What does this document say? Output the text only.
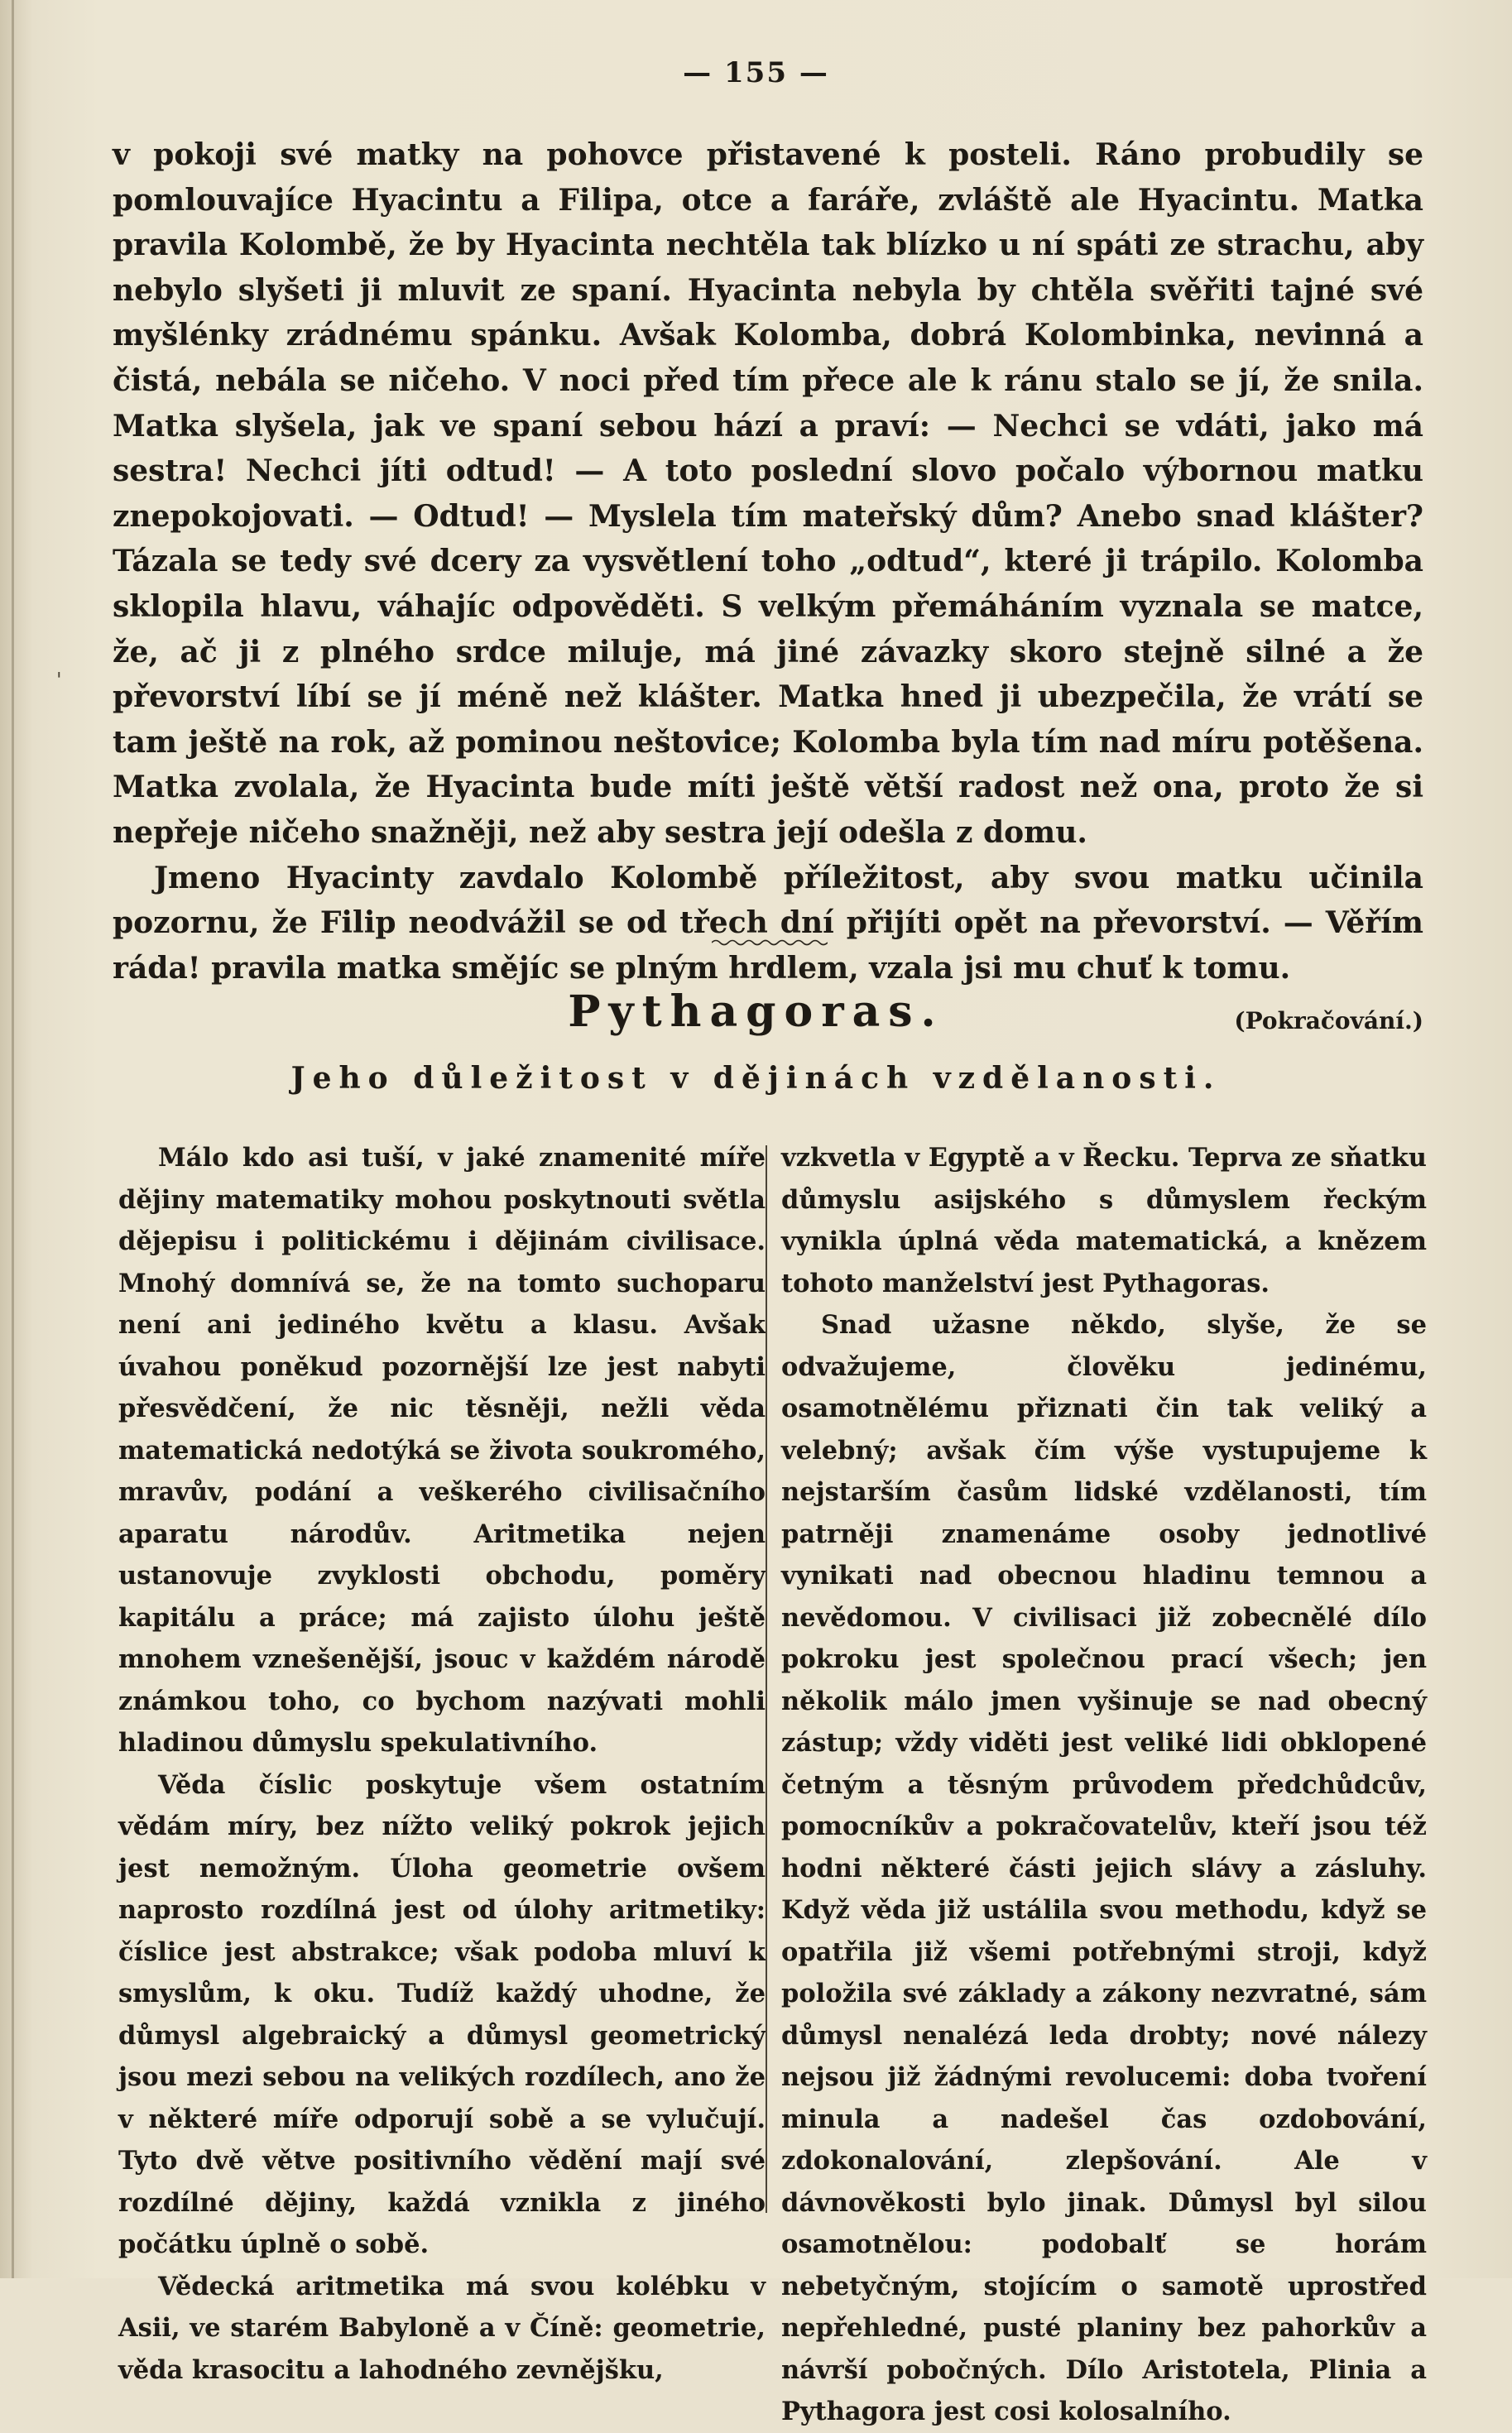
'
— 155 —

v pokoji své matky na pohovce přistavené k posteli. Ráno probudily se pomlouvajíce Hyacintu a Filipa, otce a faráře, zvláště ale Hyacintu. Matka pravila Kolombě, že by Hyacinta nechtěla tak blízko u ní spáti ze strachu, aby nebylo slyšeti ji mluvit ze spaní. Hyacinta nebyla by chtěla svěřiti tajné své myšlénky zrádnému spánku. Avšak Kolomba, dobrá Kolombinka, nevinná a čistá, nebála se ničeho. V noci před tím přece ale k ránu stalo se jí, že snila. Matka slyšela, jak ve spaní sebou hází a praví: — Nechci se vdáti, jako má sestra! Nechci jíti odtud! — A toto poslední slovo počalo výbornou matku znepokojovati. — Odtud! — Myslela tím mateřský dům? Anebo snad klášter? Tázala se tedy své dcery za vysvětlení toho „odtud“, které ji trápilo. Kolomba sklopila hlavu, váhajíc odpověděti. S velkým přemáháním vyznala se matce, že, ač ji z plného srdce miluje, má jiné závazky skoro stejně silné a že převorství líbí se jí méně než klášter. Matka hned ji ubezpečila, že vrátí se tam ještě na rok, až pominou neštovice; Kolomba byla tím nad míru potěšena. Matka zvolala, že Hyacinta bude míti ještě větší radost než ona, proto že si nepřeje ničeho snažněji, než aby sestra její odešla z domu.

Jmeno Hyacinty zavdalo Kolombě příležitost, aby svou matku učinila pozornu, že Filip neodvážil se od třech dní přijíti opět na převorství. — Věřím ráda! pravila matka smějíc se plným hrdlem, vzala jsi mu chuť k tomu.
(Pokračování.)

Pythagoras.
Jeho důležitost v dějinách vzdělanosti.

Málo kdo asi tuší, v jaké znamenité míře dějiny matematiky mohou poskytnouti světla dějepisu i politickému i dějinám civilisace. Mnohý domnívá se, že na tomto suchoparu není ani jediného květu a klasu. Avšak úvahou poněkud pozornější lze jest nabyti přesvědčení, že nic těsněji, nežli věda matematická nedotýká se života soukromého, mravův, podání a veškerého civilisačního aparatu národův. Aritmetika nejen ustanovuje zvyklosti obchodu, poměry kapitálu a práce; má zajisto úlohu ještě mnohem vznešenější, jsouc v každém národě známkou toho, co bychom nazývati mohli hladinou důmyslu spekulativního.

Věda číslic poskytuje všem ostatním vědám míry, bez nížto veliký pokrok jejich jest nemožným. Úloha geometrie ovšem naprosto rozdílná jest od úlohy aritmetiky: číslice jest abstrakce; však podoba mluví k smyslům, k oku. Tudíž každý uhodne, že důmysl algebraický a důmysl geometrický jsou mezi sebou na velikých rozdílech, ano že v některé míře odporují sobě a se vylučují. Tyto dvě větve positivního vědění mají své rozdílné dějiny, každá vznikla z jiného počátku úplně o sobě.

Vědecká aritmetika má svou kolébku v Asii, ve starém Babyloně a v Číně: geometrie, věda krasocitu a lahodného zevnějšku,

vzkvetla v Egyptě a v Řecku. Teprva ze sňatku důmyslu asijského s důmyslem řeckým vynikla úplná věda matematická, a knězem tohoto manželství jest Pythagoras.

Snad užasne někdo, slyše, že se odvažujeme, člověku jedinému, osamotnělému přiznati čin tak veliký a velebný; avšak čím výše vystupujeme k nejstarším časům lidské vzdělanosti, tím patrněji znamenáme osoby jednotlivé vynikati nad obecnou hladinu temnou a nevědomou. V civilisaci již zobecnělé dílo pokroku jest společnou prací všech; jen několik málo jmen vyšinuje se nad obecný zástup; vždy viděti jest veliké lidi obklopené četným a těsným průvodem předchůdcův, pomocníkův a pokračovatelův, kteří jsou též hodni některé části jejich slávy a zásluhy. Když věda již ustálila svou methodu, když se opatřila již všemi potřebnými stroji, když položila své základy a zákony nezvratné, sám důmysl nenalézá leda drobty; nové nálezy nejsou již žádnými revolucemi: doba tvoření minula a nadešel čas ozdobování, zdokonalování, zlepšování. Ale v dávnověkosti bylo jinak. Důmysl byl silou osamotnělou: podobalť se horám nebetyčným, stojícím o samotě uprostřed nepřehledné, pusté planiny bez pahorkův a návrší pobočných. Dílo Aristotela, Plinia a Pythagora jest cosi kolosalního.
